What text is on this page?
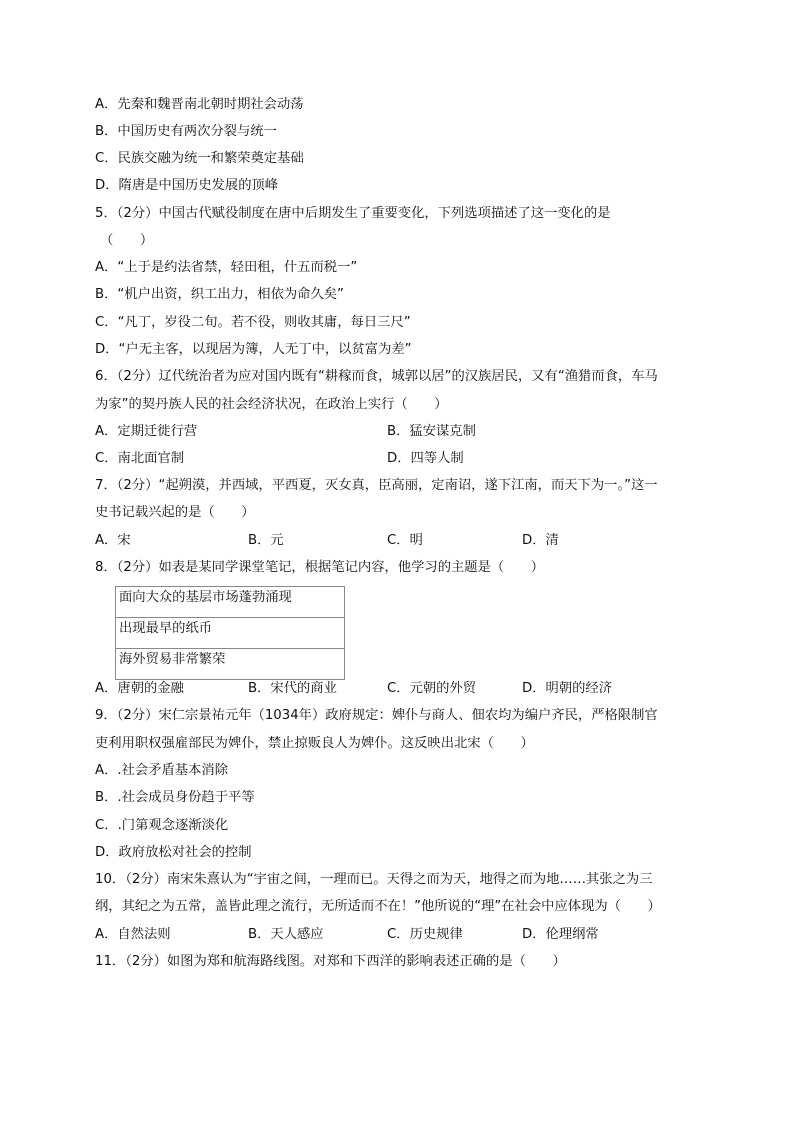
A．先秦和魏晋南北朝时期社会动荡
B．中国历史有两次分裂与统一
C．民族交融为统一和繁荣奠定基础
D．隋唐是中国历史发展的顶峰
5．（2分）中国古代赋役制度在唐中后期发生了重要变化，下列选项描述了这一变化的是
（　　）
A．“上于是约法省禁，轻田租，什五而税一”
B．“机户出资，织工出力，相依为命久矣”
C．“凡丁，岁役二旬。若不役，则收其庸，每日三尺”
D．“户无主客，以现居为簿，人无丁中，以贫富为差”
6．（2分）辽代统治者为应对国内既有“耕稼而食，城郭以居”的汉族居民，又有“渔猎而食，车马
为家”的契丹族人民的社会经济状况，在政治上实行（　　）
A．定期迁徙行营	B．猛安谋克制
C．南北面官制	D．四等人制
7．（2分）“起朔漠，并西域，平西夏，灭女真，臣高丽，定南诏，遂下江南，而天下为一。”这一
史书记载兴起的是（　　）
A．宋	B．元	C．明	D．清
8．（2分）如表是某同学课堂笔记，根据笔记内容，他学习的主题是（　　）
面向大众的基层市场蓬勃涌现
出现最早的纸币
海外贸易非常繁荣
A．唐朝的金融	B．宋代的商业	C．元朝的外贸	D．明朝的经济
9．（2分）宋仁宗景祐元年（1034年）政府规定：婢仆与商人、佃农均为编户齐民，严格限制官
吏利用职权强雇部民为婢仆，禁止掠贩良人为婢仆。这反映出北宋（　　）
A．.社会矛盾基本消除
B．.社会成员身份趋于平等
C．.门第观念逐渐淡化
D．政府放松对社会的控制
10．（2分）南宋朱熹认为“宇宙之间，一理而已。天得之而为天，地得之而为地……其张之为三
纲，其纪之为五常，盖皆此理之流行，无所适而不在！”他所说的“理”在社会中应体现为（　　）
A．自然法则	B．天人感应	C．历史规律	D．伦理纲常
11．（2分）如图为郑和航海路线图。对郑和下西洋的影响表述正确的是（　　）
